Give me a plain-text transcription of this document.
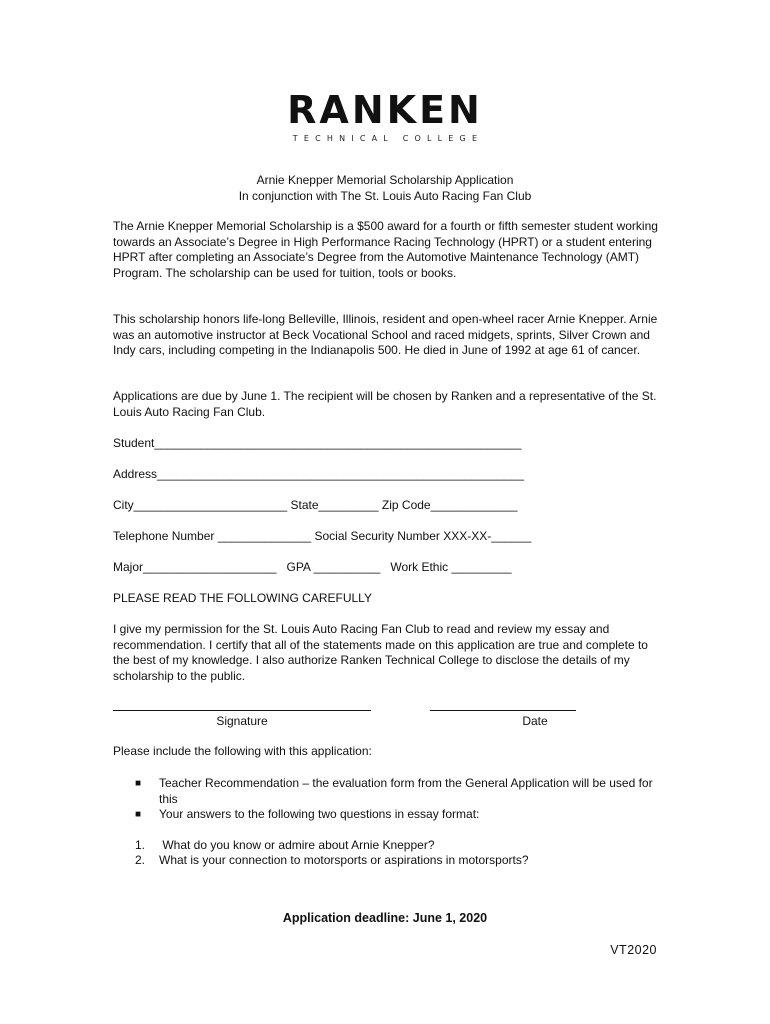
RANKEN
TECHNICAL COLLEGE
Arnie Knepper Memorial Scholarship Application
In conjunction with The St. Louis Auto Racing Fan Club
The Arnie Knepper Memorial Scholarship is a $500 award for a fourth or fifth semester student working towards an Associate’s Degree in High Performance Racing Technology (HPRT) or a student entering HPRT after completing an Associate’s Degree from the Automotive Maintenance Technology (AMT) Program. The scholarship can be used for tuition, tools or books.
This scholarship honors life-long Belleville, Illinois, resident and open-wheel racer Arnie Knepper. Arnie was an automotive instructor at Beck Vocational School and raced midgets, sprints, Silver Crown and Indy cars, including competing in the Indianapolis 500. He died in June of 1992 at age 61 of cancer.
Applications are due by June 1. The recipient will be chosen by Ranken and a representative of the St. Louis Auto Racing Fan Club.
Student_______________________________________________________
Address_______________________________________________________
City_______________________ State_________ Zip Code_____________
Telephone Number ______________ Social Security Number XXX-XX-______
Major____________________   GPA __________   Work Ethic _________
PLEASE READ THE FOLLOWING CAREFULLY
I give my permission for the St. Louis Auto Racing Fan Club to read and review my essay and recommendation. I certify that all of the statements made on this application are true and complete to the best of my knowledge. I also authorize Ranken Technical College to disclose the details of my scholarship to the public.
Signature	Date
Please include the following with this application:
■ Teacher Recommendation – the evaluation form from the General Application will be used for this
■ Your answers to the following two questions in essay format:
1. What do you know or admire about Arnie Knepper?
2. What is your connection to motorsports or aspirations in motorsports?
Application deadline: June 1, 2020
VT2020
